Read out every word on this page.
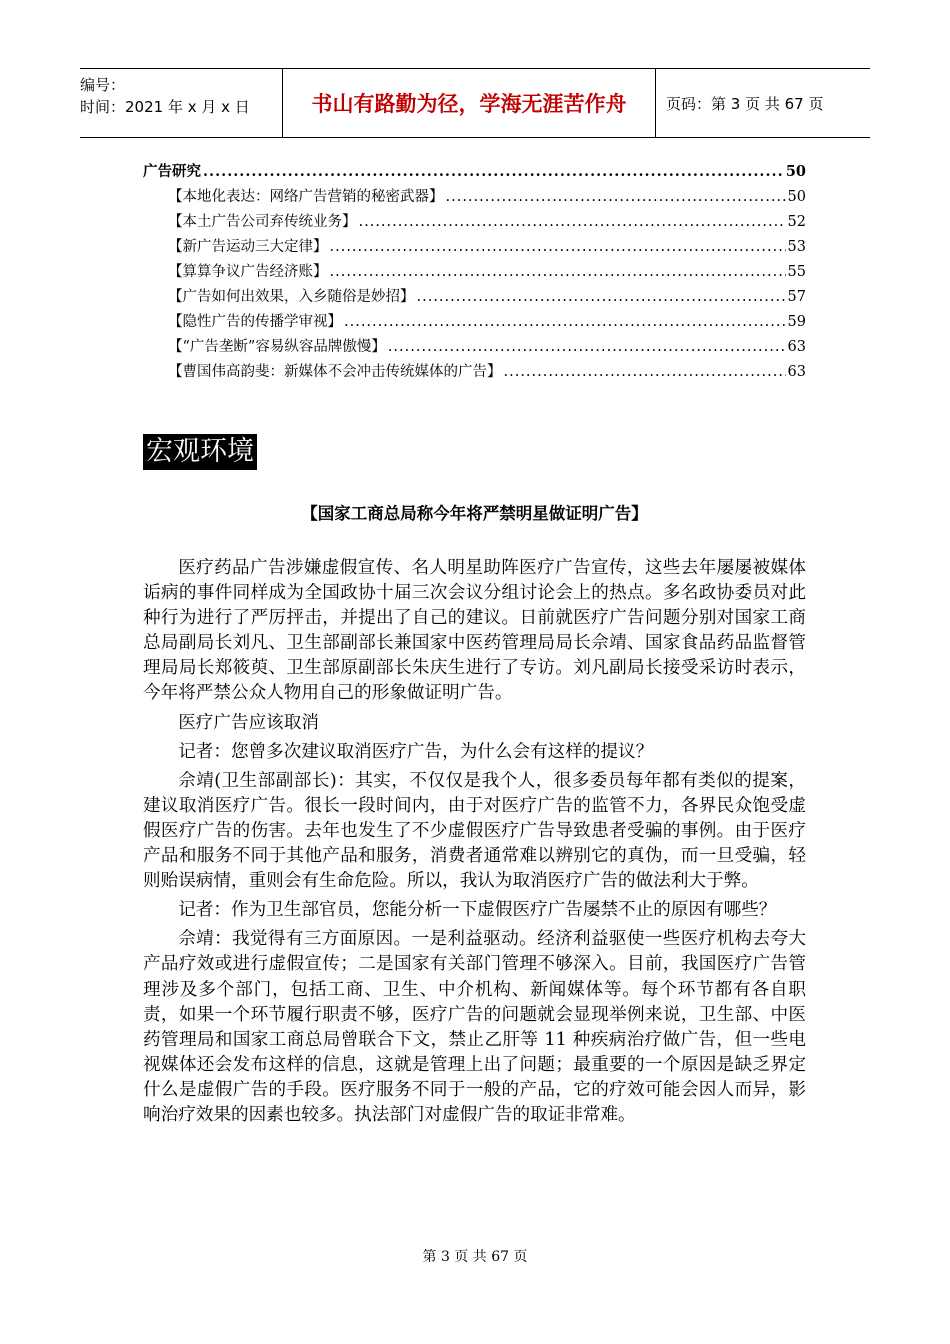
编号：
时间：2021 年 x 月 x 日	书山有路勤为径，学海无涯苦作舟	页码：第 3 页 共 67 页
广告研究 .....	50
【本地化表达：网络广告营销的秘密武器】 .....	50
【本土广告公司弃传统业务】 .....	52
【新广告运动三大定律】 .....	53
【算算争议广告经济账】 .....	55
【广告如何出效果，入乡随俗是妙招】 .....	57
【隐性广告的传播学审视】 .....	59
【“广告垄断”容易纵容品牌傲慢】 .....	63
【曹国伟高韵斐：新媒体不会冲击传统媒体的广告】 .....	63
宏观环境
【国家工商总局称今年将严禁明星做证明广告】

医疗药品广告涉嫌虚假宣传、名人明星助阵医疗广告宣传，这些去年屡屡被媒体诟病的事件同样成为全国政协十届三次会议分组讨论会上的热点。多名政协委员对此种行为进行了严厉抨击，并提出了自己的建议。日前就医疗广告问题分别对国家工商总局副局长刘凡、卫生部副部长兼国家中医药管理局局长佘靖、国家食品药品监督管理局局长郑筱萸、卫生部原副部长朱庆生进行了专访。刘凡副局长接受采访时表示，今年将严禁公众人物用自己的形象做证明广告。

医疗广告应该取消

记者：您曾多次建议取消医疗广告，为什么会有这样的提议？

佘靖(卫生部副部长)：其实，不仅仅是我个人，很多委员每年都有类似的提案，建议取消医疗广告。很长一段时间内，由于对医疗广告的监管不力，各界民众饱受虚假医疗广告的伤害。去年也发生了不少虚假医疗广告导致患者受骗的事例。由于医疗产品和服务不同于其他产品和服务，消费者通常难以辨别它的真伪，而一旦受骗，轻则贻误病情，重则会有生命危险。所以，我认为取消医疗广告的做法利大于弊。

记者：作为卫生部官员，您能分析一下虚假医疗广告屡禁不止的原因有哪些？

佘靖：我觉得有三方面原因。一是利益驱动。经济利益驱使一些医疗机构去夸大产品疗效或进行虚假宣传；二是国家有关部门管理不够深入。目前，我国医疗广告管理涉及多个部门，包括工商、卫生、中介机构、新闻媒体等。每个环节都有各自职责，如果一个环节履行职责不够，医疗广告的问题就会显现举例来说，卫生部、中医药管理局和国家工商总局曾联合下文，禁止乙肝等 11 种疾病治疗做广告，但一些电视媒体还会发布这样的信息，这就是管理上出了问题；最重要的一个原因是缺乏界定什么是虚假广告的手段。医疗服务不同于一般的产品，它的疗效可能会因人而异，影响治疗效果的因素也较多。执法部门对虚假广告的取证非常难。

第 3 页 共 67 页
